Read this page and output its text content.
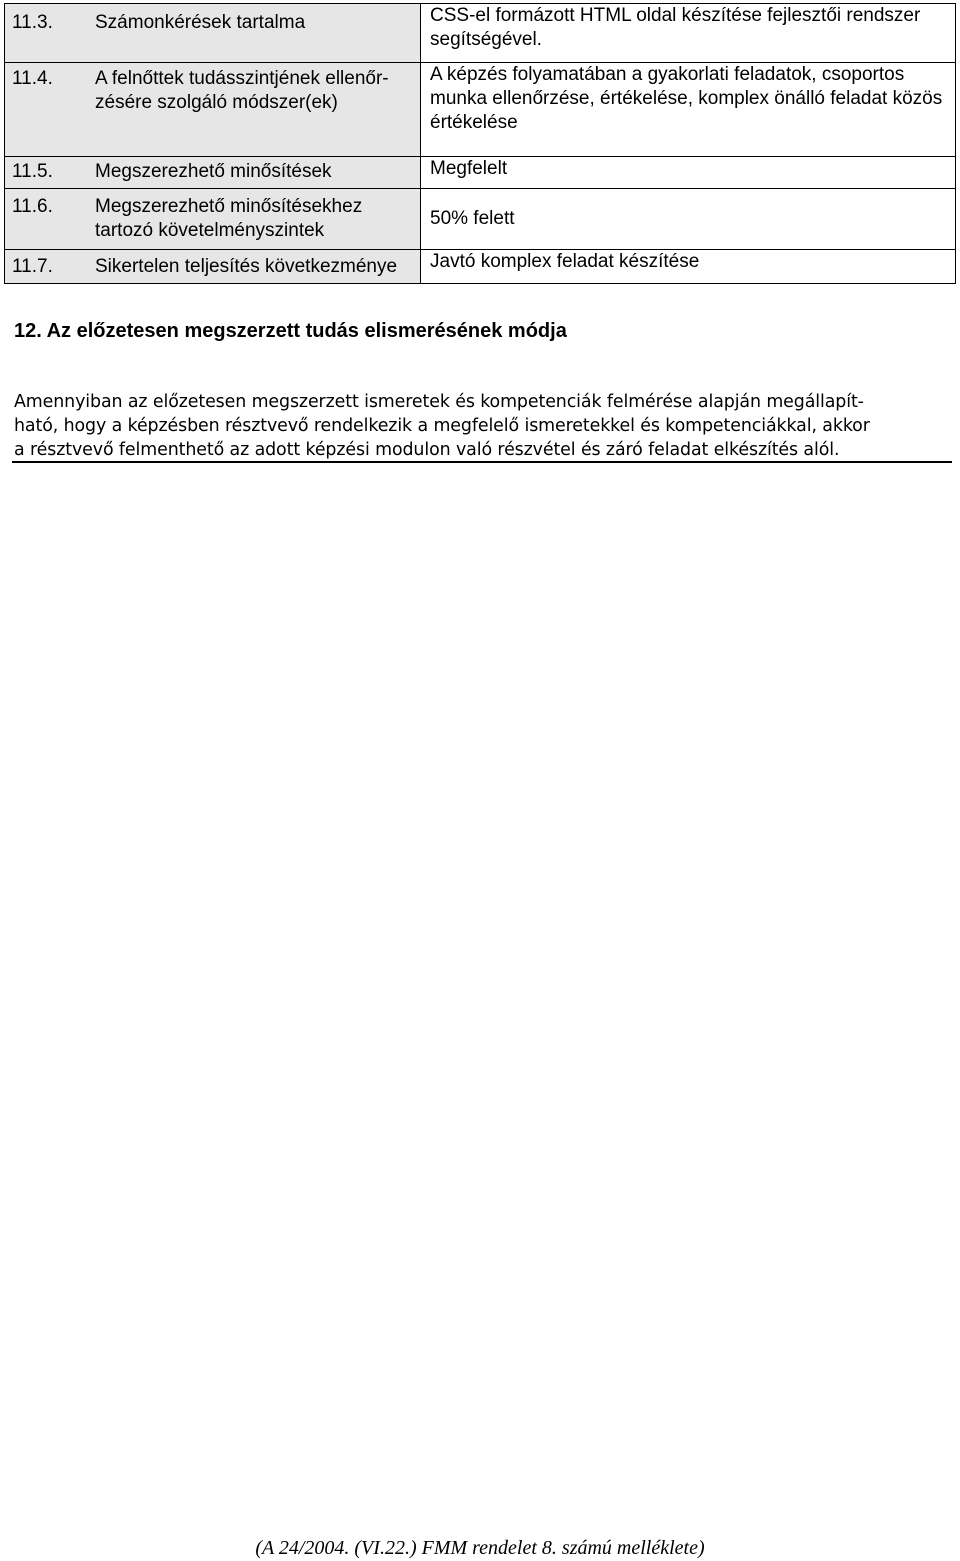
11.3. Számonkérések tartalma	CSS-el formázott HTML oldal készítése fejlesztői rendszer segítségével.

11.4. A felnőttek tudásszintjének ellenőr-zésére szolgáló módszer(ek)	A képzés folyamatában a gyakorlati feladatok, csoportos munka ellenőrzése, értékelése, komplex önálló feladat közös értékelése

11.5. Megszerezhető minősítések	Megfelelt

11.6. Megszerezhető minősítésekhez tartozó követelményszintek	50% felett

11.7. Sikertelen teljesítés következménye	Javtó komplex feladat készítése
12. Az előzetesen megszerzett tudás elismerésének módja
Amennyiban az előzetesen megszerzett ismeretek és kompetenciák felmérése alapján megállapít-
ható, hogy a képzésben résztvevő rendelkezik a megfelelő ismeretekkel és kompetenciákkal, akkor
a résztvevő felmenthető az adott képzési modulon való részvétel és záró feladat elkészítés alól.
(A 24/2004. (VI.22.) FMM rendelet 8. számú melléklete)
